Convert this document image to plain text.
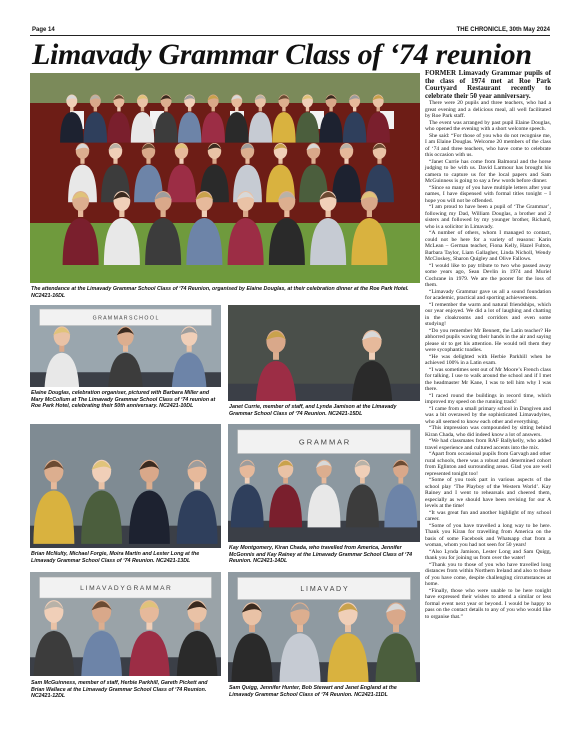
Page 14	THE CHRONICLE, 30th May 2024
Limavady Grammar Class of ‘74 reunion
The attendance at the Limavady Grammar School Class of ‘74 Reunion, organised by Elaine Douglas, at their celebration dinner at the Roe Park Hotel. NC2421-16DL
G R A M M A R S C H O O L
Elaine Douglas, celebration organiser, pictured with Barbara Miller and Mary McCollum at The Limavady Grammar School Class of ‘74 reunion at Roe Park Hotel, celebrating their 50th anniversary. NC2421-10DL	Janet Currie, member of staff, and Lynda Jamison at the Limavady Grammar School Class of ‘74 Reunion. NC2421-15DL
Brian McNulty, Michael Forgie, Moira Martin and Lester Long at the Limavady Grammar School Class of ‘74 Reunion. NC2421-13DL
G R A M M A R
Kay Montgomery, Kiran Chada, who travelled from America, Jennifer McGonnis and Kay Rainey at the Limavady Grammar School Class of ‘74 Reunion. NC2421-14DL
L I M A V A D Y G R A M M A R
Sam McGuinness, member of staff, Herbie Parkhill, Gareth Pickett and Brian Wallace at the Limavady Grammar School Class of ‘74 Reunion. NC2421-12DL
L I M A V A D Y
Sam Quigg, Jennifer Hunter, Bob Stewart and Janet England at the Limavady Grammar School Class of ‘74 Reunion. NC2421-11DL

FORMER Limavady Grammar pupils of the class of 1974 met at Roe Park Courtyard Restaurant recently to celebrate their 50 year anniversary.

There were 20 pupils and three teachers, who had a great evening and a delicious meal, all well facilitated by Roe Park staff.

The event was arranged by past pupil Elaine Douglas, who opened the evening with a short welcome speech.

She said: “For those of you who do not recognise me, I am Elaine Douglas. Welcome 20 members of the class of ‘74 and three teachers, who have come to celebrate this occasion with us.

“Janet Currie has come from Balmoral and the horse judging to be with us. David Larmour has brought his camera to capture us for the local papers and Sam McGuinness is going to say a few words before dinner.

“Since so many of you have multiple letters after your names, I have dispensed with formal titles tonight – I hope you will not be offended.

“I am proud to have been a pupil of ‘The Grammar’, following my Dad, William Douglas, a brother and 2 sisters and followed by my younger brother, Richard, who is a solicitor in Limavady.

“A number of others, whom I managed to contact, could not be here for a variety of reasons: Karin McLean – German teacher, Fiona Kelly, Hazel Fulton, Barbara Taylor, Liam Gallagher, Linda Nicholl, Wendy McCloskey, Sharon Quigley and Olive Fallows.

“I would like to pay tribute to two who passed away some years ago, Sean Devlin in 1974 and Muriel Cochrane in 1979. We are the poorer for the loss of them.

“Limavady Grammar gave us all a sound foundation for academic, practical and sporting achievements.

“I remember the warm and natural friendships, which our year enjoyed. We did a lot of laughing and chatting in the cloakrooms and corridors and even some studying!

“Do you remember Mr Bennett, the Latin teacher? He abhorred pupils waving their hands in the air and saying please sir to get his attention. He would tell them they were sycophantic toadies.

“He was delighted with Herbie Parkhill when he achieved 100% in a Latin exam.

“I was sometimes sent out of Mr Moore’s French class for talking. I use to walk around the school and if I met the headmaster Mr Kane, I was to tell him why I was there.

“I raced round the buildings in record time, which improved my speed on the running track!

“I came from a small primary school in Dungiven and was a bit overawed by the sophisticated Limavadyites, who all seemed to know each other and everything.

“This impression was compounded by sitting behind Kiran Chada, who did indeed know a lot of answers.

“We had classmates from RAF Ballykelly, who added travel experience and cultured accents into the mix.

“Apart from occasional pupils from Garvagh and other rural schools, there was a robust and determined cohort from Eglinton and surrounding areas. Glad you are well represented tonight too!

“Some of you took part in various aspects of the school play ‘The Playboy of the Western World’. Kay Rainey and I went to rehearsals and cheered them, especially as we should have been revising for our A levels at the time!

“It was great fun and another highlight of my school career.

“Some of you have travelled a long way to be here. Thank you Kiran for travelling from America on the basis of some Facebook and Whatsapp chat from a woman, whom you had not seen for 50 years!

“Also Lynda Jamison, Lester Long and Sam Quigg, thank you for joining us from over the water!

“Thank you to those of you who have travelled long distances from within Northern Ireland and also to those of you have come, despite challenging circumstances at home.

“Finally, those who were unable to be here tonight have expressed their wishes to attend a similar or less formal event next year or beyond. I would be happy to pass on the contact details to any of you who would like to organise that.”
